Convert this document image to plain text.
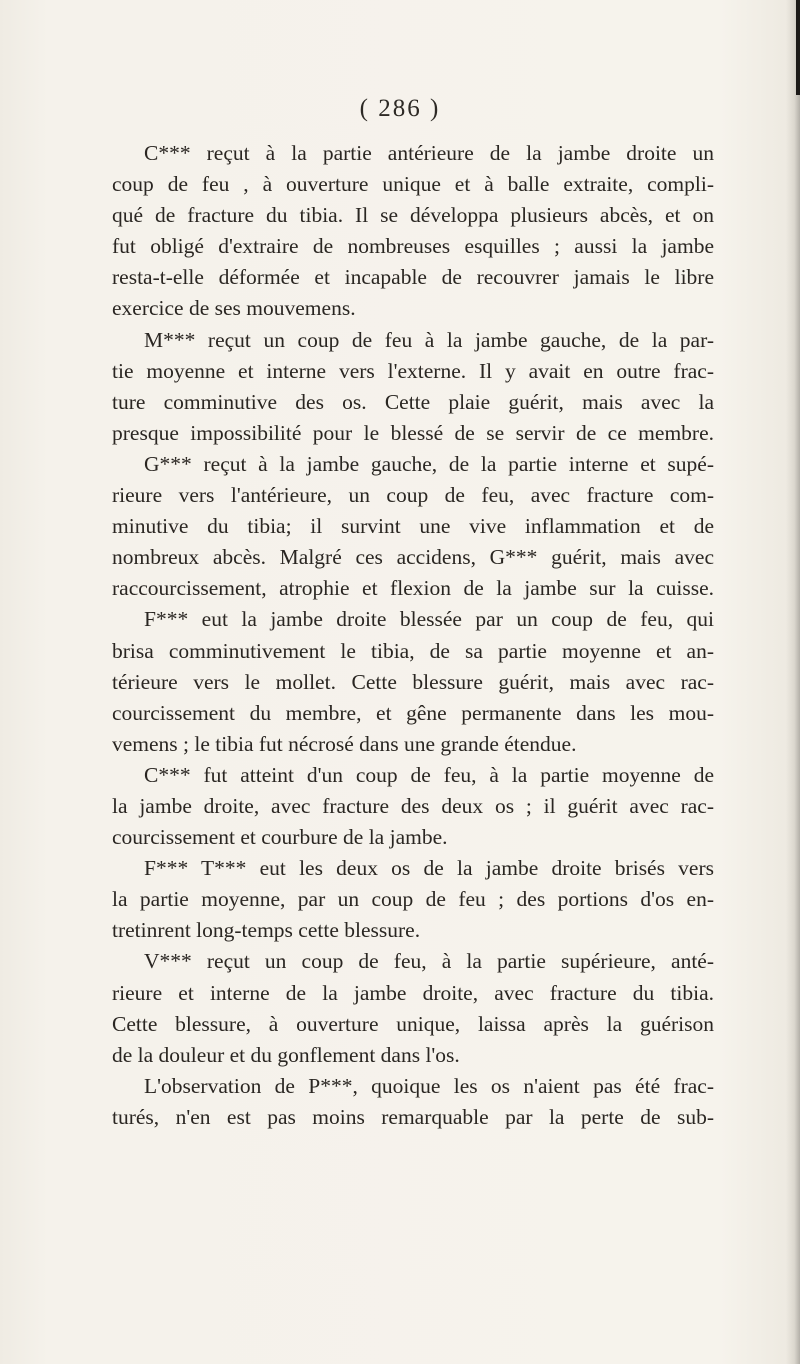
( 286 )
C*** reçut à la partie antérieure de la jambe droite un
coup de feu , à ouverture unique et à balle extraite, compli-
qué de fracture du tibia. Il se développa plusieurs abcès, et on
fut obligé d'extraire de nombreuses esquilles ; aussi la jambe
resta-t-elle déformée et incapable de recouvrer jamais le libre
exercice de ses mouvemens.
M*** reçut un coup de feu à la jambe gauche, de la par-
tie moyenne et interne vers l'externe. Il y avait en outre frac-
ture comminutive des os. Cette plaie guérit, mais avec la
presque impossibilité pour le blessé de se servir de ce membre.
G*** reçut à la jambe gauche, de la partie interne et supé-
rieure vers l'antérieure, un coup de feu, avec fracture com-
minutive du tibia; il survint une vive inflammation et de
nombreux abcès. Malgré ces accidens, G*** guérit, mais avec
raccourcissement, atrophie et flexion de la jambe sur la cuisse.
F*** eut la jambe droite blessée par un coup de feu, qui
brisa comminutivement le tibia, de sa partie moyenne et an-
térieure vers le mollet. Cette blessure guérit, mais avec rac-
courcissement du membre, et gêne permanente dans les mou-
vemens ; le tibia fut nécrosé dans une grande étendue.
C*** fut atteint d'un coup de feu, à la partie moyenne de
la jambe droite, avec fracture des deux os ; il guérit avec rac-
courcissement et courbure de la jambe.
F*** T*** eut les deux os de la jambe droite brisés vers
la partie moyenne, par un coup de feu ; des portions d'os en-
tretinrent long-temps cette blessure.
V*** reçut un coup de feu, à la partie supérieure, anté-
rieure et interne de la jambe droite, avec fracture du tibia.
Cette blessure, à ouverture unique, laissa après la guérison
de la douleur et du gonflement dans l'os.
L'observation de P***, quoique les os n'aient pas été frac-
turés, n'en est pas moins remarquable par la perte de sub-
